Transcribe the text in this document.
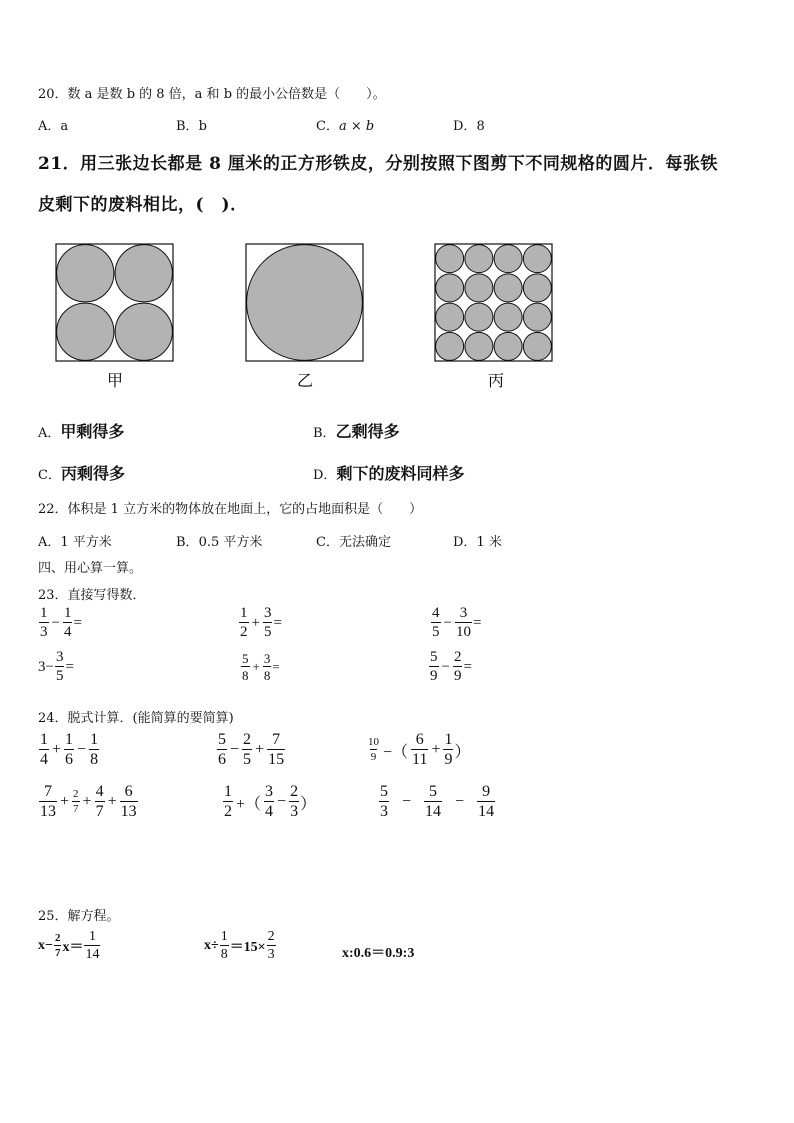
20．数 a 是数 b 的 8 倍，a 和 b 的最小公倍数是（　　）。
A．a	B．b	C．a × b	D．8
21．用三张边长都是 8 厘米的正方形铁皮，分别按照下图剪下不同规格的圆片．每张铁
皮剩下的废料相比，(　)．
甲	乙	丙
A．甲剩得多	B．乙剩得多
C．丙剩得多	D．剩下的废料同样多
22．体积是 1 立方米的物体放在地面上，它的占地面积是（　　）
A．1 平方米	B．0.5 平方米	C．无法确定	D．1 米
四、用心算一算。
23．直接写得数．
$\frac{1}{3} - \frac{1}{4}$ =	$\frac{1}{2} + \frac{3}{5}$ =	$\frac{4}{5} - \frac{3}{10}$ =
$3- \frac{3}{5}$ =	$\frac{5}{8} + \frac{3}{8}$ =	$\frac{5}{9} - \frac{2}{9}$ =
24．脱式计算．(能简算的要简算)
$\frac{1}{4} + \frac{1}{6} - \frac{1}{8}$	$\frac{5}{6} - \frac{2}{5} + \frac{7}{15}$	$\frac{10}{9}$ −（ $\frac{6}{11} + \frac{1}{9}$ ）
$\frac{7}{13} + \frac{2}{7} + \frac{4}{7} + \frac{6}{13}$	$\frac{1}{2}$ +（ $\frac{3}{4} - \frac{2}{3}$ ）	$\frac{5}{3} - \frac{5}{14} - \frac{9}{14}$
25．解方程。
$x- \frac{2}{7} x= \frac{1}{14}$	$x\div \frac{1}{8} =15\times \frac{2}{3}$	x:0.6＝0.9:3
